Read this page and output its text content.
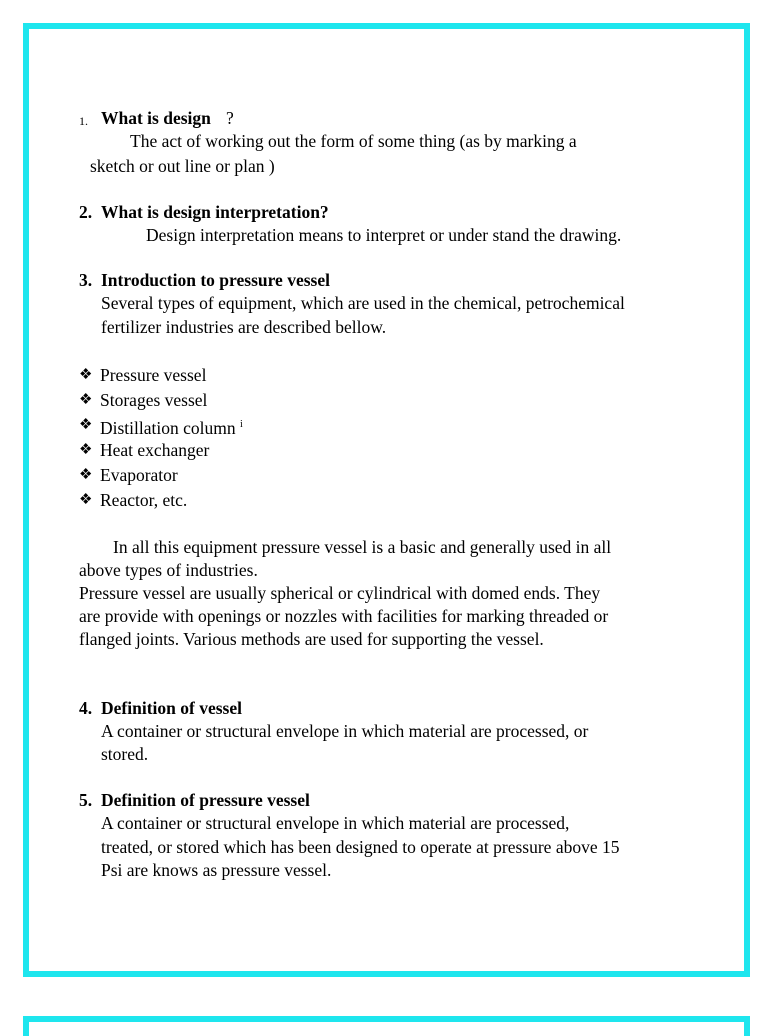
1. What is design ?
The act of working out the form of some thing (as by marking a
sketch or out line or plan )
2. What is design interpretation?
Design interpretation means to interpret or under stand the drawing.
3. Introduction to pressure vessel
Several types of equipment, which are used in the chemical, petrochemical
fertilizer industries are described bellow.
❖ Pressure vessel
❖ Storages vessel
❖ Distillation column $^i$
❖ Heat exchanger
❖ Evaporator
❖ Reactor, etc.
In all this equipment pressure vessel is a basic and generally used in all
above types of industries.
Pressure vessel are usually spherical or cylindrical with domed ends. They
are provide with openings or nozzles with facilities for marking threaded or
flanged joints. Various methods are used for supporting the vessel.
4. Definition of vessel
A container or structural envelope in which material are processed, or
stored.
5. Definition of pressure vessel
A container or structural envelope in which material are processed,
treated, or stored which has been designed to operate at pressure above 15
Psi are knows as pressure vessel.
